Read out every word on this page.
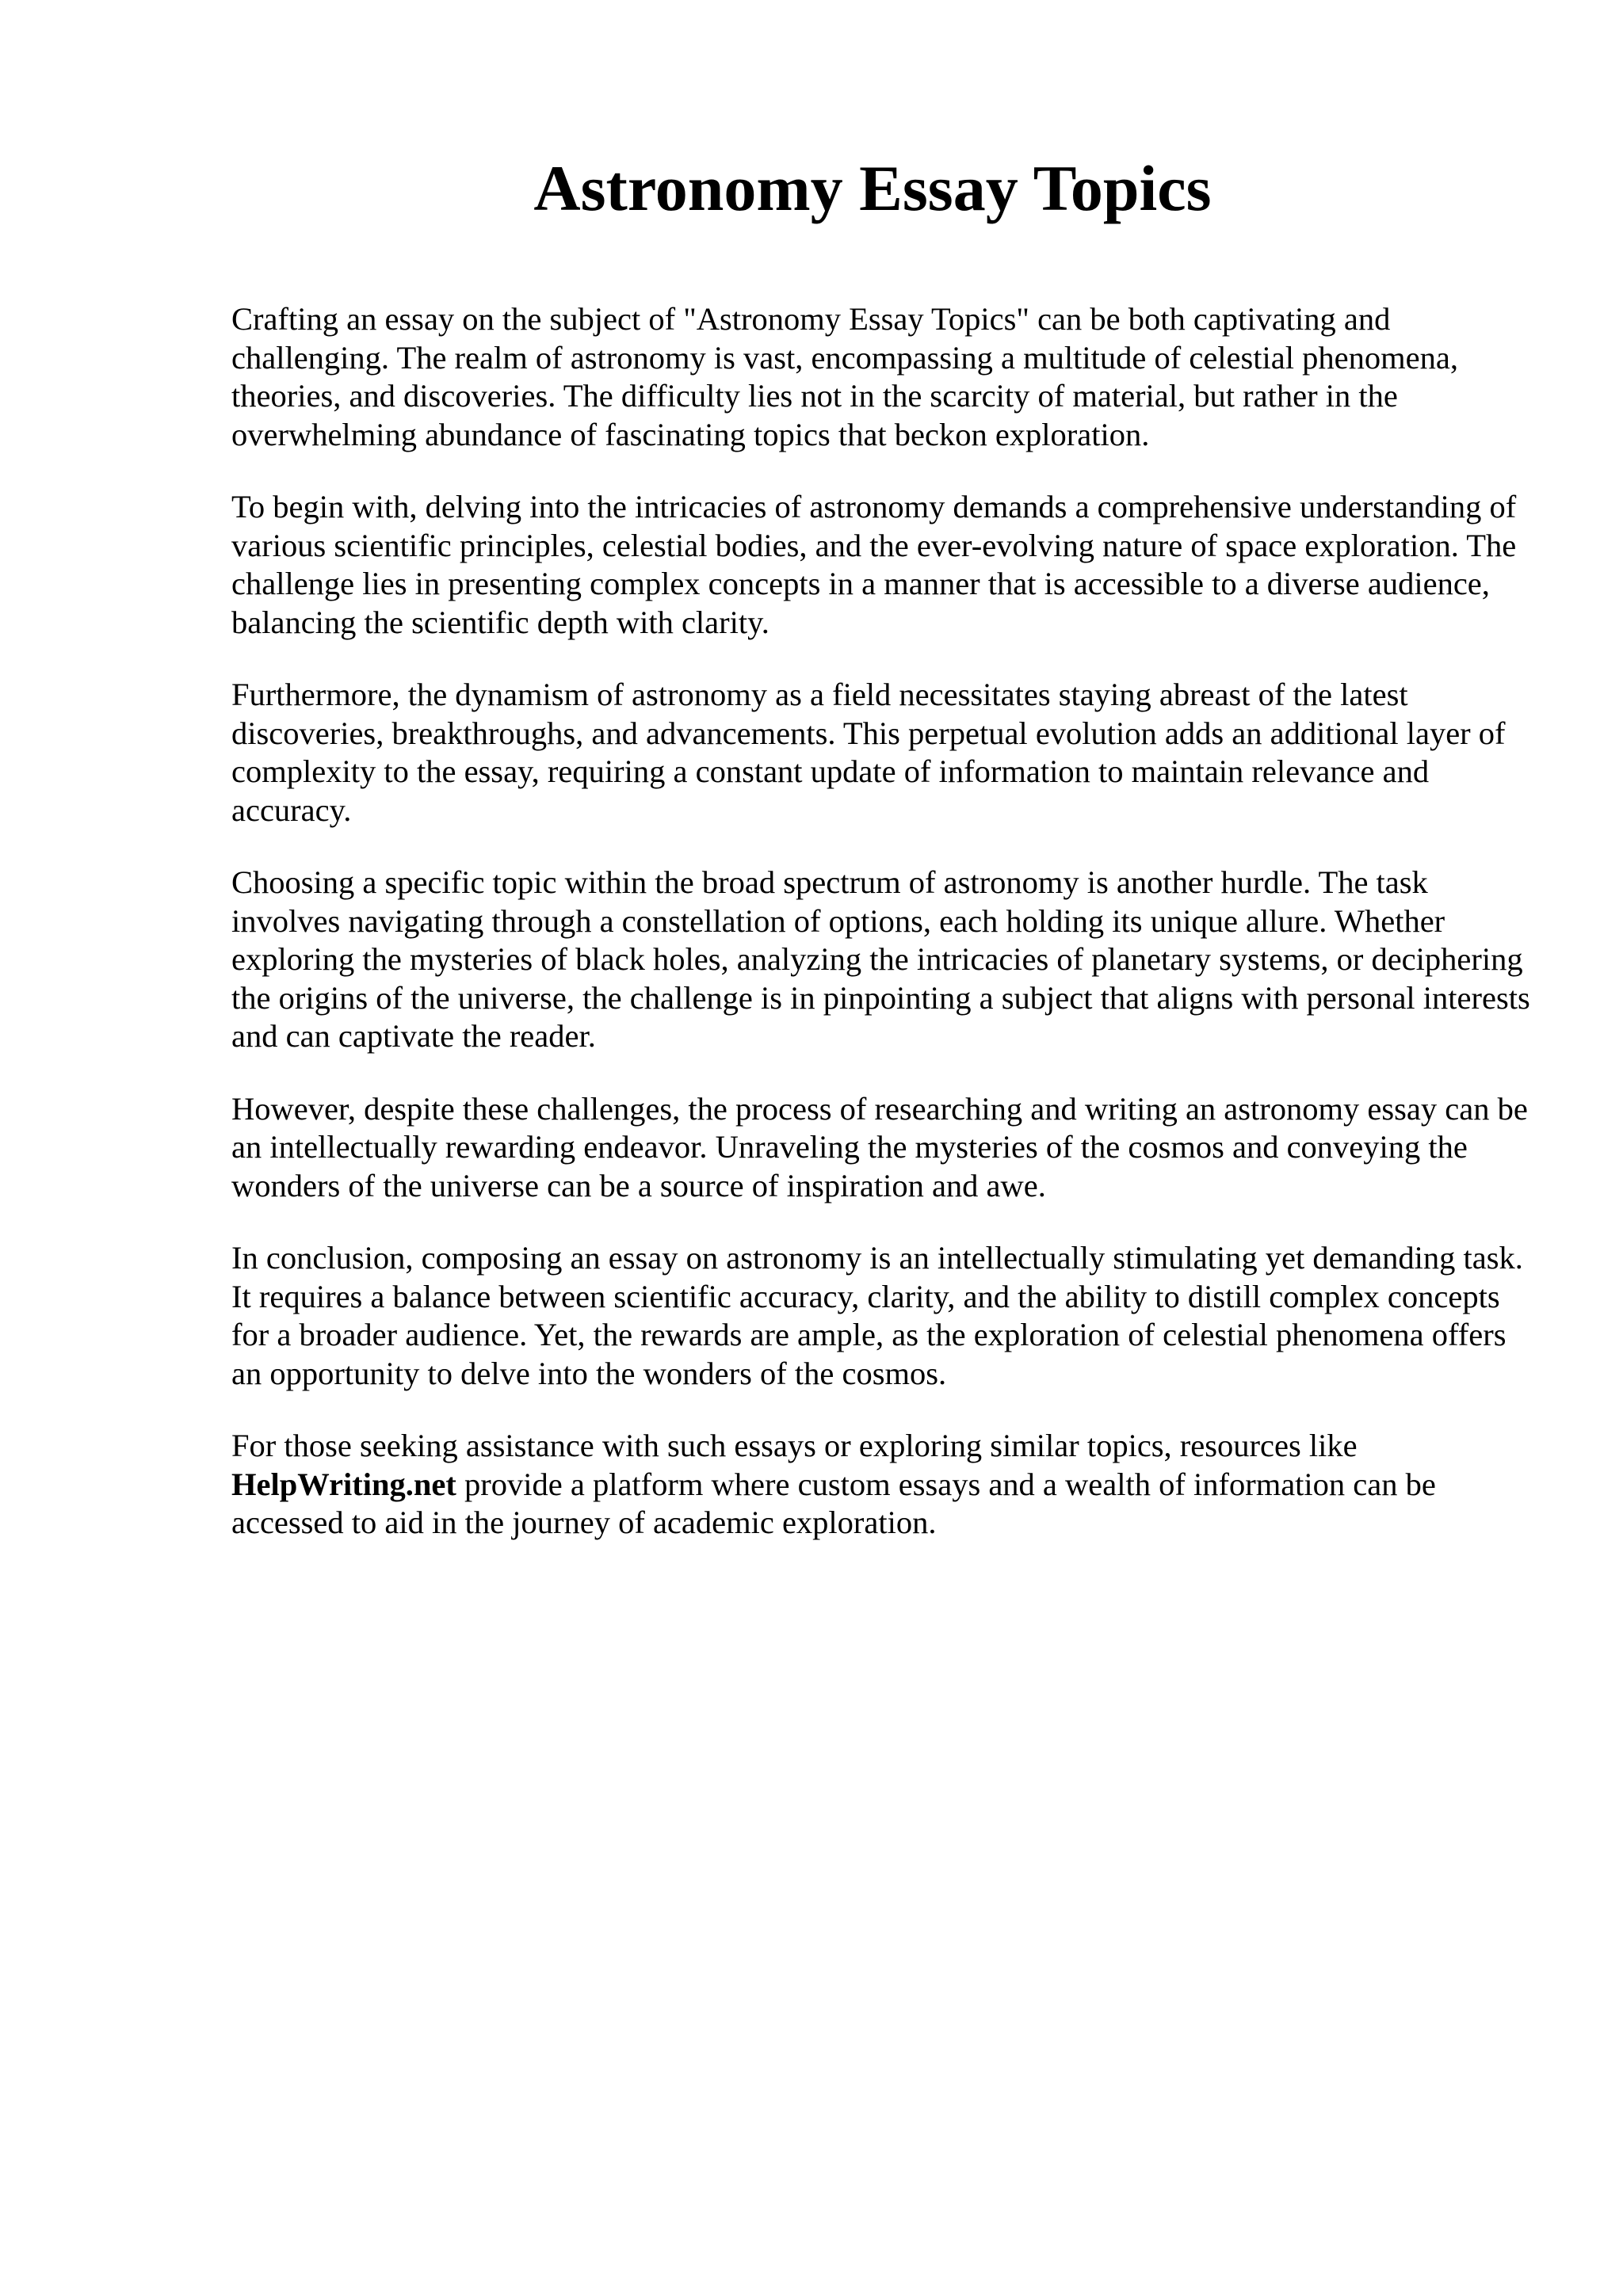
Astronomy Essay Topics

Crafting an essay on the subject of "Astronomy Essay Topics" can be both captivating and challenging. The realm of astronomy is vast, encompassing a multitude of celestial phenomena, theories, and discoveries. The difficulty lies not in the scarcity of material, but rather in the overwhelming abundance of fascinating topics that beckon exploration.

To begin with, delving into the intricacies of astronomy demands a comprehensive understanding of various scientific principles, celestial bodies, and the ever-evolving nature of space exploration. The challenge lies in presenting complex concepts in a manner that is accessible to a diverse audience, balancing the scientific depth with clarity.

Furthermore, the dynamism of astronomy as a field necessitates staying abreast of the latest discoveries, breakthroughs, and advancements. This perpetual evolution adds an additional layer of complexity to the essay, requiring a constant update of information to maintain relevance and accuracy.

Choosing a specific topic within the broad spectrum of astronomy is another hurdle. The task involves navigating through a constellation of options, each holding its unique allure. Whether exploring the mysteries of black holes, analyzing the intricacies of planetary systems, or deciphering the origins of the universe, the challenge is in pinpointing a subject that aligns with personal interests and can captivate the reader.

However, despite these challenges, the process of researching and writing an astronomy essay can be an intellectually rewarding endeavor. Unraveling the mysteries of the cosmos and conveying the wonders of the universe can be a source of inspiration and awe.

In conclusion, composing an essay on astronomy is an intellectually stimulating yet demanding task. It requires a balance between scientific accuracy, clarity, and the ability to distill complex concepts for a broader audience. Yet, the rewards are ample, as the exploration of celestial phenomena offers an opportunity to delve into the wonders of the cosmos.

For those seeking assistance with such essays or exploring similar topics, resources like HelpWriting.net provide a platform where custom essays and a wealth of information can be accessed to aid in the journey of academic exploration.
